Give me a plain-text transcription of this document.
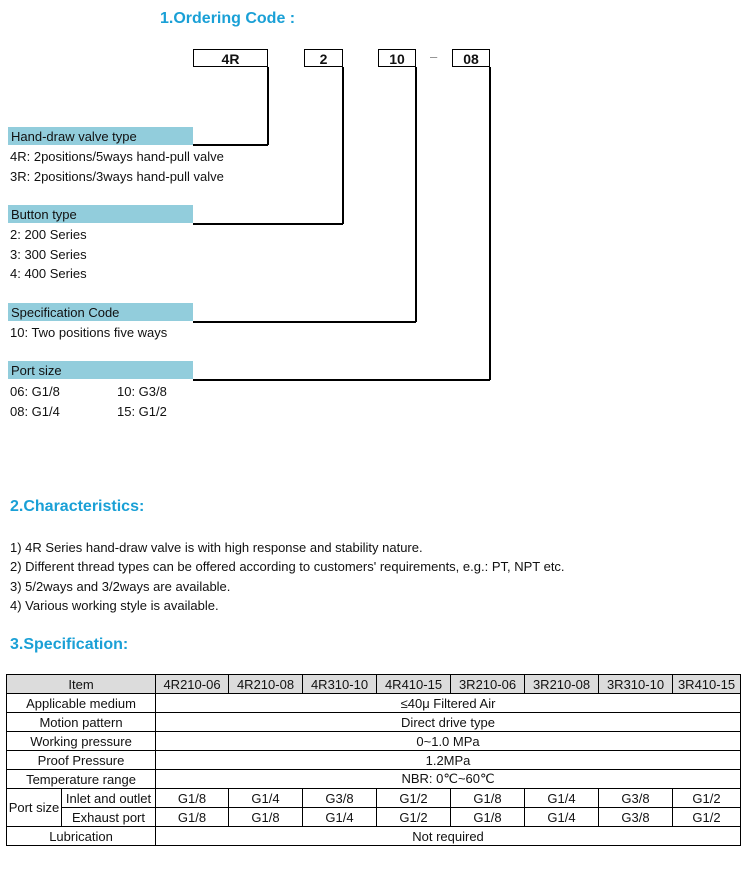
1.Ordering Code :
4R	2	10	–	08
Hand-draw valve type
4R: 2positions/5ways hand-pull valve
3R: 2positions/3ways hand-pull valve
Button type
2: 200 Series
3: 300 Series
4: 400 Series
Specification Code
10: Two positions five ways
Port size
06: G1/8	10: G3/8
08: G1/4	15: G1/2
2.Characteristics:
1) 4R Series hand-draw valve is with high response and stability nature.
2) Different thread types can be offered according to customers' requirements, e.g.: PT, NPT etc.
3) 5/2ways and 3/2ways are available.
4) Various working style is available.
3.Specification:
Item		4R210-06	4R210-08	4R310-10	4R410-15	3R210-06	3R210-08	3R310-10	3R410-15
Applicable medium		≤40μ Filtered Air							
Motion pattern		Direct drive type							
Working pressure		0~1.0 MPa							
Proof Pressure		1.2MPa							
Temperature range		NBR: 0℃~60℃							
Port size	Inlet and outlet	G1/8	G1/4	G3/8	G1/2	G1/8	G1/4	G3/8	G1/2
	Exhaust port	G1/8	G1/8	G1/4	G1/2	G1/8	G1/4	G3/8	G1/2
Lubrication		Not required							
